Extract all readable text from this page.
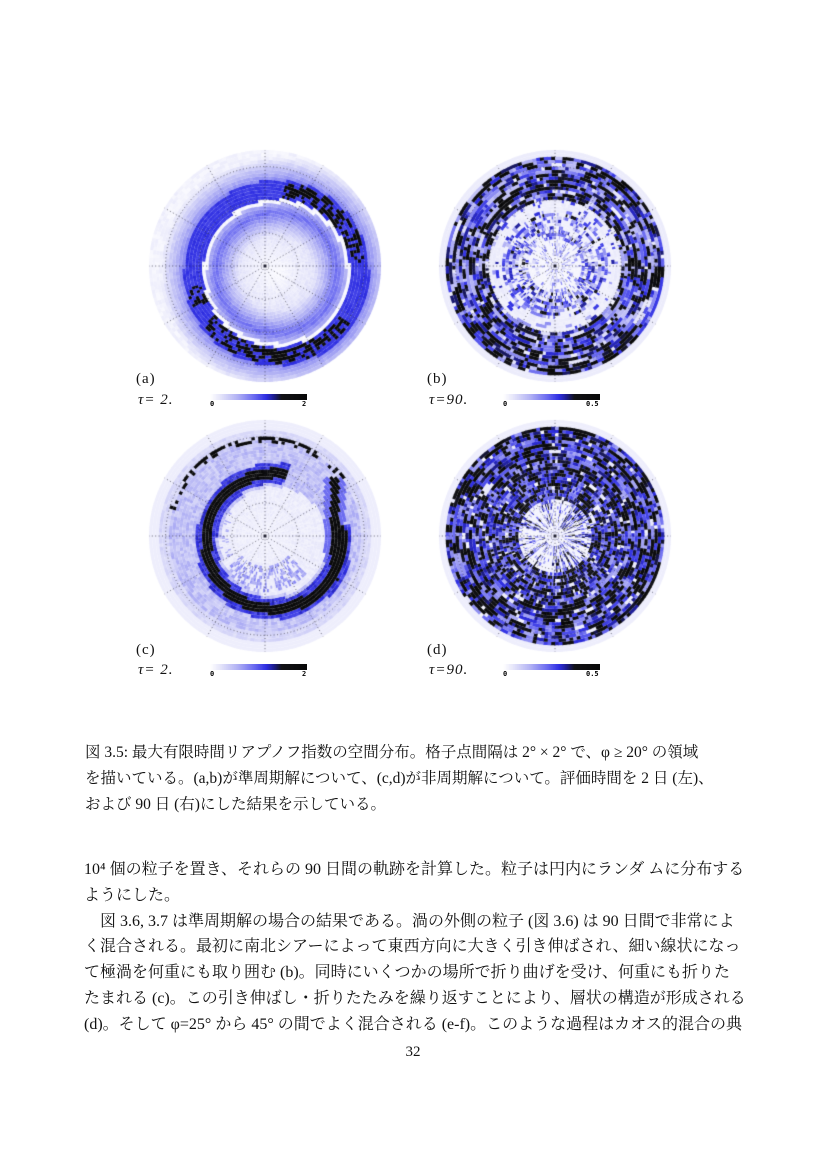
(a)
τ= 2.	0	2
(b)
τ=90.	0	0.5
(c)
τ= 2.	0	2
(d)
τ=90.	0	0.5
図 3.5: 最大有限時間リアプノフ指数の空間分布。格子点間隔は 2° × 2° で、φ ≥ 20° の領域
を描いている。(a,b)が準周期解について、(c,d)が非周期解について。評価時間を 2 日 (左)、
および 90 日 (右)にした結果を示している。
10⁴ 個の粒子を置き、それらの 90 日間の軌跡を計算した。粒子は円内にランダ ムに分布する
ようにした。
　図 3.6, 3.7 は準周期解の場合の結果である。渦の外側の粒子 (図 3.6) は 90 日間で非常によ
く混合される。最初に南北シアーによって東西方向に大きく引き伸ばされ、細い線状になっ
て極渦を何重にも取り囲む (b)。同時にいくつかの場所で折り曲げを受け、何重にも折りた
たまれる (c)。この引き伸ばし・折りたたみを繰り返すことにより、層状の構造が形成される
(d)。そして φ=25° から 45° の間でよく混合される (e-f)。このような過程はカオス的混合の典
32
